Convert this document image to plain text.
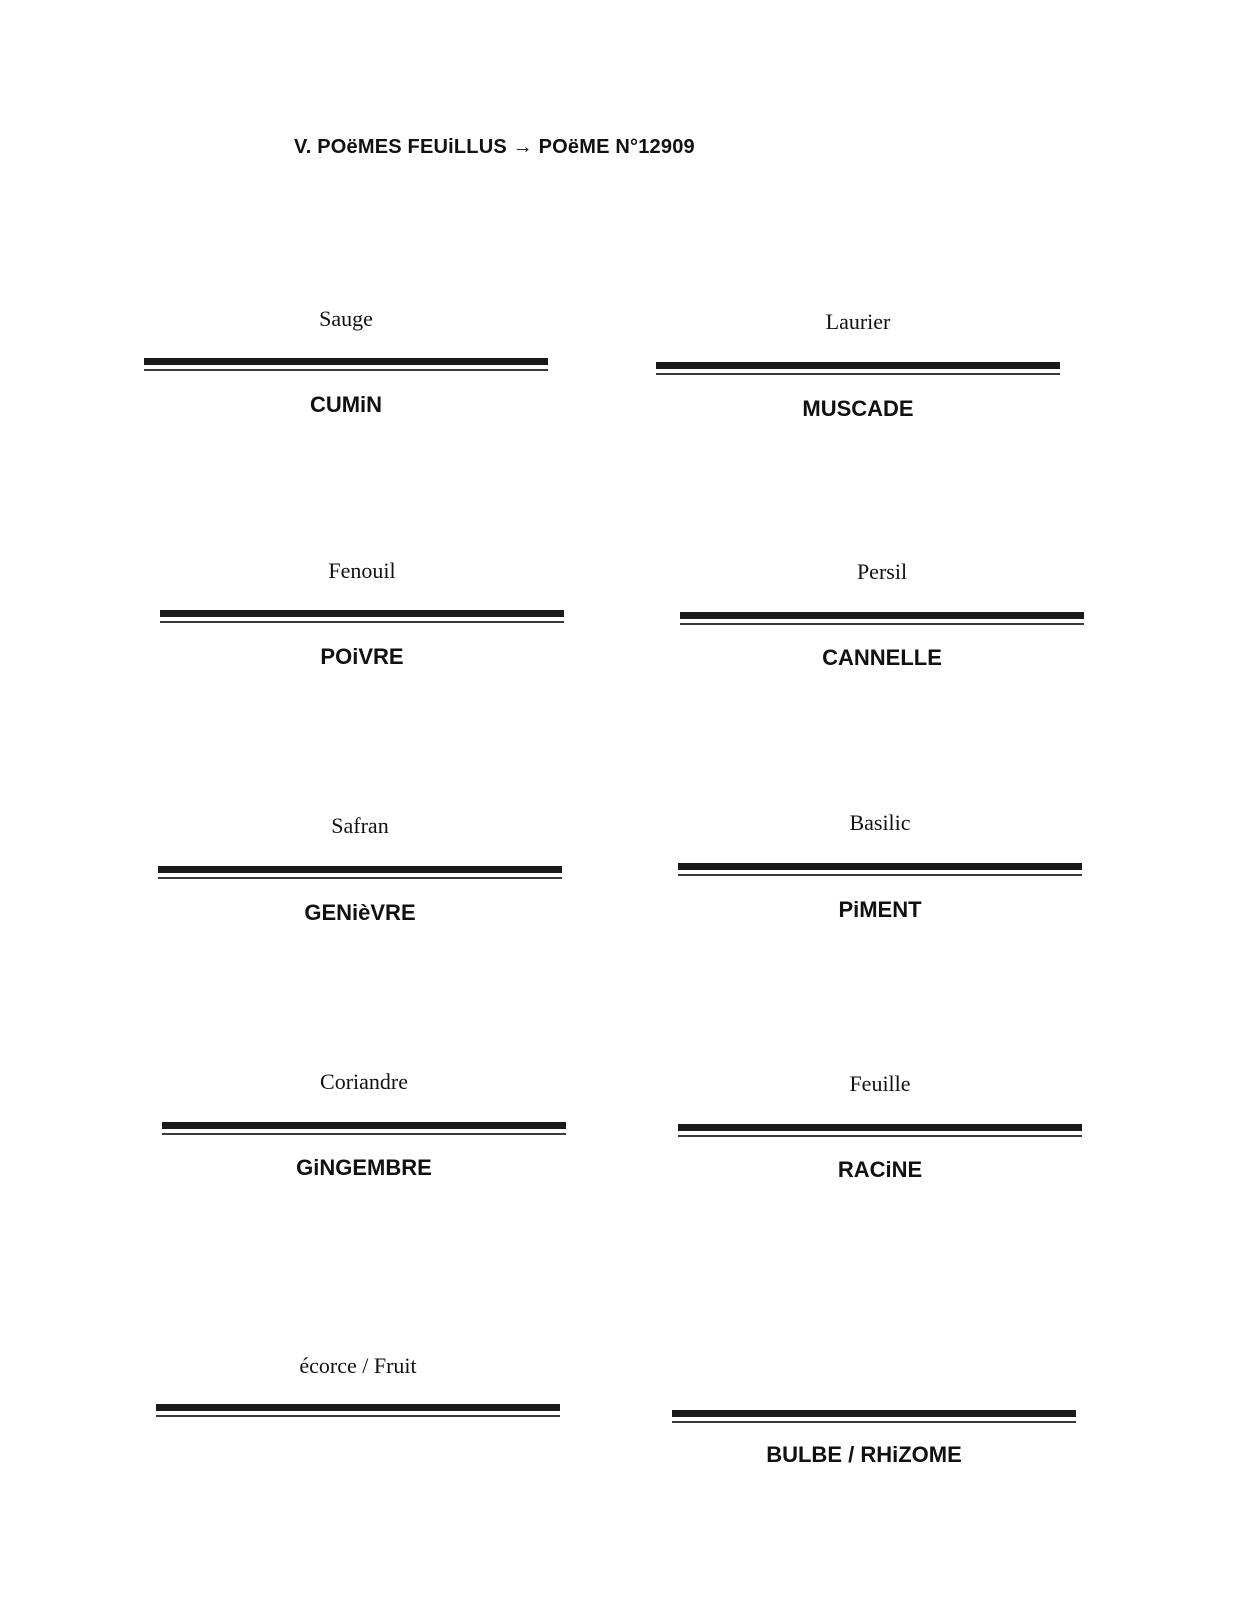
V. POëMES FEUiLLUS → POëME N°12909
Sauge
CUMiN
Laurier
MUSCADE
Fenouil
POiVRE
Persil
CANNELLE
Safran
GENièVRE
Basilic
PiMENT
Coriandre
GiNGEMBRE
Feuille
RACiNE
écorce / Fruit
BULBE / RHiZOME
